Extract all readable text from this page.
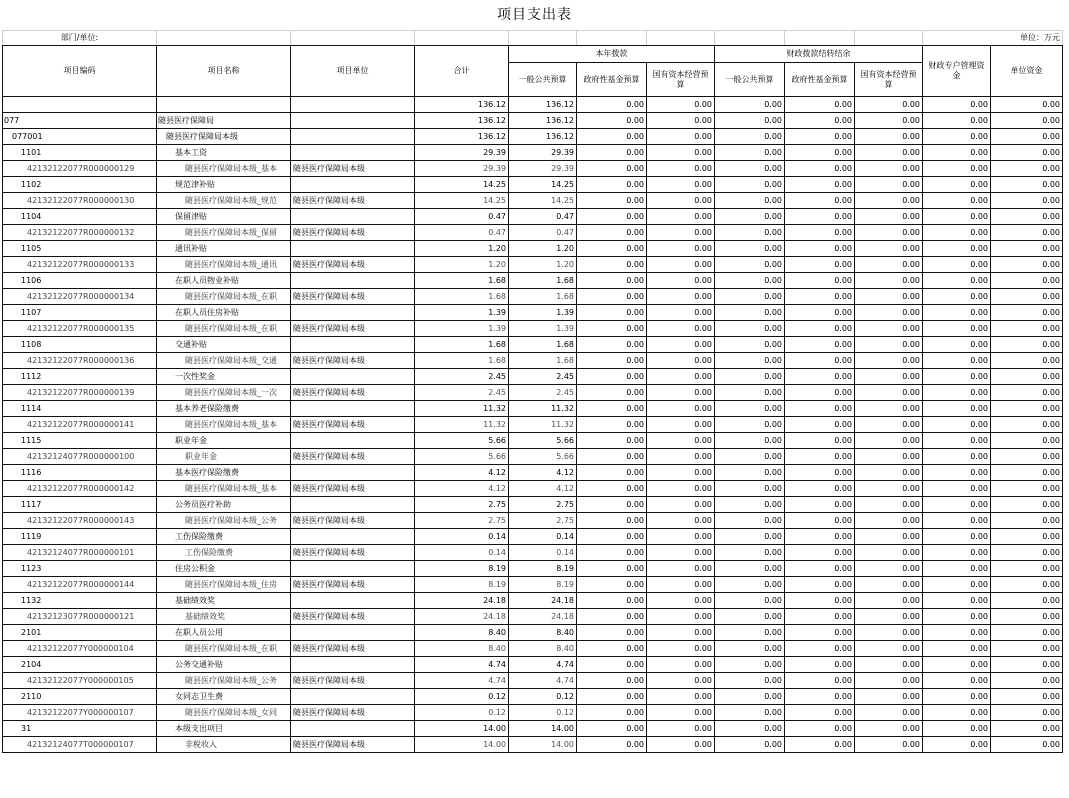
项目支出表
部门/单位:										单位：万元	
项目编码	项目名称	项目单位	合计	本年拨款			财政拨款结转结余			财政专户管理资金	单位资金
				一般公共预算	政府性基金预算	国有资本经营预算	一般公共预算	政府性基金预算	国有资本经营预算		
			136.12	136.12	0.00	0.00	0.00	0.00	0.00	0.00	0.00
077	随县医疗保障局		136.12	136.12	0.00	0.00	0.00	0.00	0.00	0.00	0.00
077001	随县医疗保障局本级		136.12	136.12	0.00	0.00	0.00	0.00	0.00	0.00	0.00
1101	基本工资		29.39	29.39	0.00	0.00	0.00	0.00	0.00	0.00	0.00
42132122077R000000129	随县医疗保障局本级_基本	随县医疗保障局本级	29.39	29.39	0.00	0.00	0.00	0.00	0.00	0.00	0.00
1102	规范津补贴		14.25	14.25	0.00	0.00	0.00	0.00	0.00	0.00	0.00
42132122077R000000130	随县医疗保障局本级_规范	随县医疗保障局本级	14.25	14.25	0.00	0.00	0.00	0.00	0.00	0.00	0.00
1104	保留津贴		0.47	0.47	0.00	0.00	0.00	0.00	0.00	0.00	0.00
42132122077R000000132	随县医疗保障局本级_保留	随县医疗保障局本级	0.47	0.47	0.00	0.00	0.00	0.00	0.00	0.00	0.00
1105	通讯补贴		1.20	1.20	0.00	0.00	0.00	0.00	0.00	0.00	0.00
42132122077R000000133	随县医疗保障局本级_通讯	随县医疗保障局本级	1.20	1.20	0.00	0.00	0.00	0.00	0.00	0.00	0.00
1106	在职人员物业补贴		1.68	1.68	0.00	0.00	0.00	0.00	0.00	0.00	0.00
42132122077R000000134	随县医疗保障局本级_在职	随县医疗保障局本级	1.68	1.68	0.00	0.00	0.00	0.00	0.00	0.00	0.00
1107	在职人员住房补贴		1.39	1.39	0.00	0.00	0.00	0.00	0.00	0.00	0.00
42132122077R000000135	随县医疗保障局本级_在职	随县医疗保障局本级	1.39	1.39	0.00	0.00	0.00	0.00	0.00	0.00	0.00
1108	交通补贴		1.68	1.68	0.00	0.00	0.00	0.00	0.00	0.00	0.00
42132122077R000000136	随县医疗保障局本级_交通	随县医疗保障局本级	1.68	1.68	0.00	0.00	0.00	0.00	0.00	0.00	0.00
1112	一次性奖金		2.45	2.45	0.00	0.00	0.00	0.00	0.00	0.00	0.00
42132122077R000000139	随县医疗保障局本级_一次	随县医疗保障局本级	2.45	2.45	0.00	0.00	0.00	0.00	0.00	0.00	0.00
1114	基本养老保险缴费		11.32	11.32	0.00	0.00	0.00	0.00	0.00	0.00	0.00
42132122077R000000141	随县医疗保障局本级_基本	随县医疗保障局本级	11.32	11.32	0.00	0.00	0.00	0.00	0.00	0.00	0.00
1115	职业年金		5.66	5.66	0.00	0.00	0.00	0.00	0.00	0.00	0.00
42132124077R000000100	职业年金	随县医疗保障局本级	5.66	5.66	0.00	0.00	0.00	0.00	0.00	0.00	0.00
1116	基本医疗保险缴费		4.12	4.12	0.00	0.00	0.00	0.00	0.00	0.00	0.00
42132122077R000000142	随县医疗保障局本级_基本	随县医疗保障局本级	4.12	4.12	0.00	0.00	0.00	0.00	0.00	0.00	0.00
1117	公务员医疗补助		2.75	2.75	0.00	0.00	0.00	0.00	0.00	0.00	0.00
42132122077R000000143	随县医疗保障局本级_公务	随县医疗保障局本级	2.75	2.75	0.00	0.00	0.00	0.00	0.00	0.00	0.00
1119	工伤保险缴费		0.14	0.14	0.00	0.00	0.00	0.00	0.00	0.00	0.00
42132124077R000000101	工伤保险缴费	随县医疗保障局本级	0.14	0.14	0.00	0.00	0.00	0.00	0.00	0.00	0.00
1123	住房公积金		8.19	8.19	0.00	0.00	0.00	0.00	0.00	0.00	0.00
42132122077R000000144	随县医疗保障局本级_住房	随县医疗保障局本级	8.19	8.19	0.00	0.00	0.00	0.00	0.00	0.00	0.00
1132	基础绩效奖		24.18	24.18	0.00	0.00	0.00	0.00	0.00	0.00	0.00
42132123077R000000121	基础绩效奖	随县医疗保障局本级	24.18	24.18	0.00	0.00	0.00	0.00	0.00	0.00	0.00
2101	在职人员公用		8.40	8.40	0.00	0.00	0.00	0.00	0.00	0.00	0.00
42132122077Y000000104	随县医疗保障局本级_在职	随县医疗保障局本级	8.40	8.40	0.00	0.00	0.00	0.00	0.00	0.00	0.00
2104	公务交通补贴		4.74	4.74	0.00	0.00	0.00	0.00	0.00	0.00	0.00
42132122077Y000000105	随县医疗保障局本级_公务	随县医疗保障局本级	4.74	4.74	0.00	0.00	0.00	0.00	0.00	0.00	0.00
2110	女同志卫生费		0.12	0.12	0.00	0.00	0.00	0.00	0.00	0.00	0.00
42132122077Y000000107	随县医疗保障局本级_女同	随县医疗保障局本级	0.12	0.12	0.00	0.00	0.00	0.00	0.00	0.00	0.00
31	本级支出项目		14.00	14.00	0.00	0.00	0.00	0.00	0.00	0.00	0.00
42132124077T000000107	非税收入	随县医疗保障局本级	14.00	14.00	0.00	0.00	0.00	0.00	0.00	0.00	0.00
